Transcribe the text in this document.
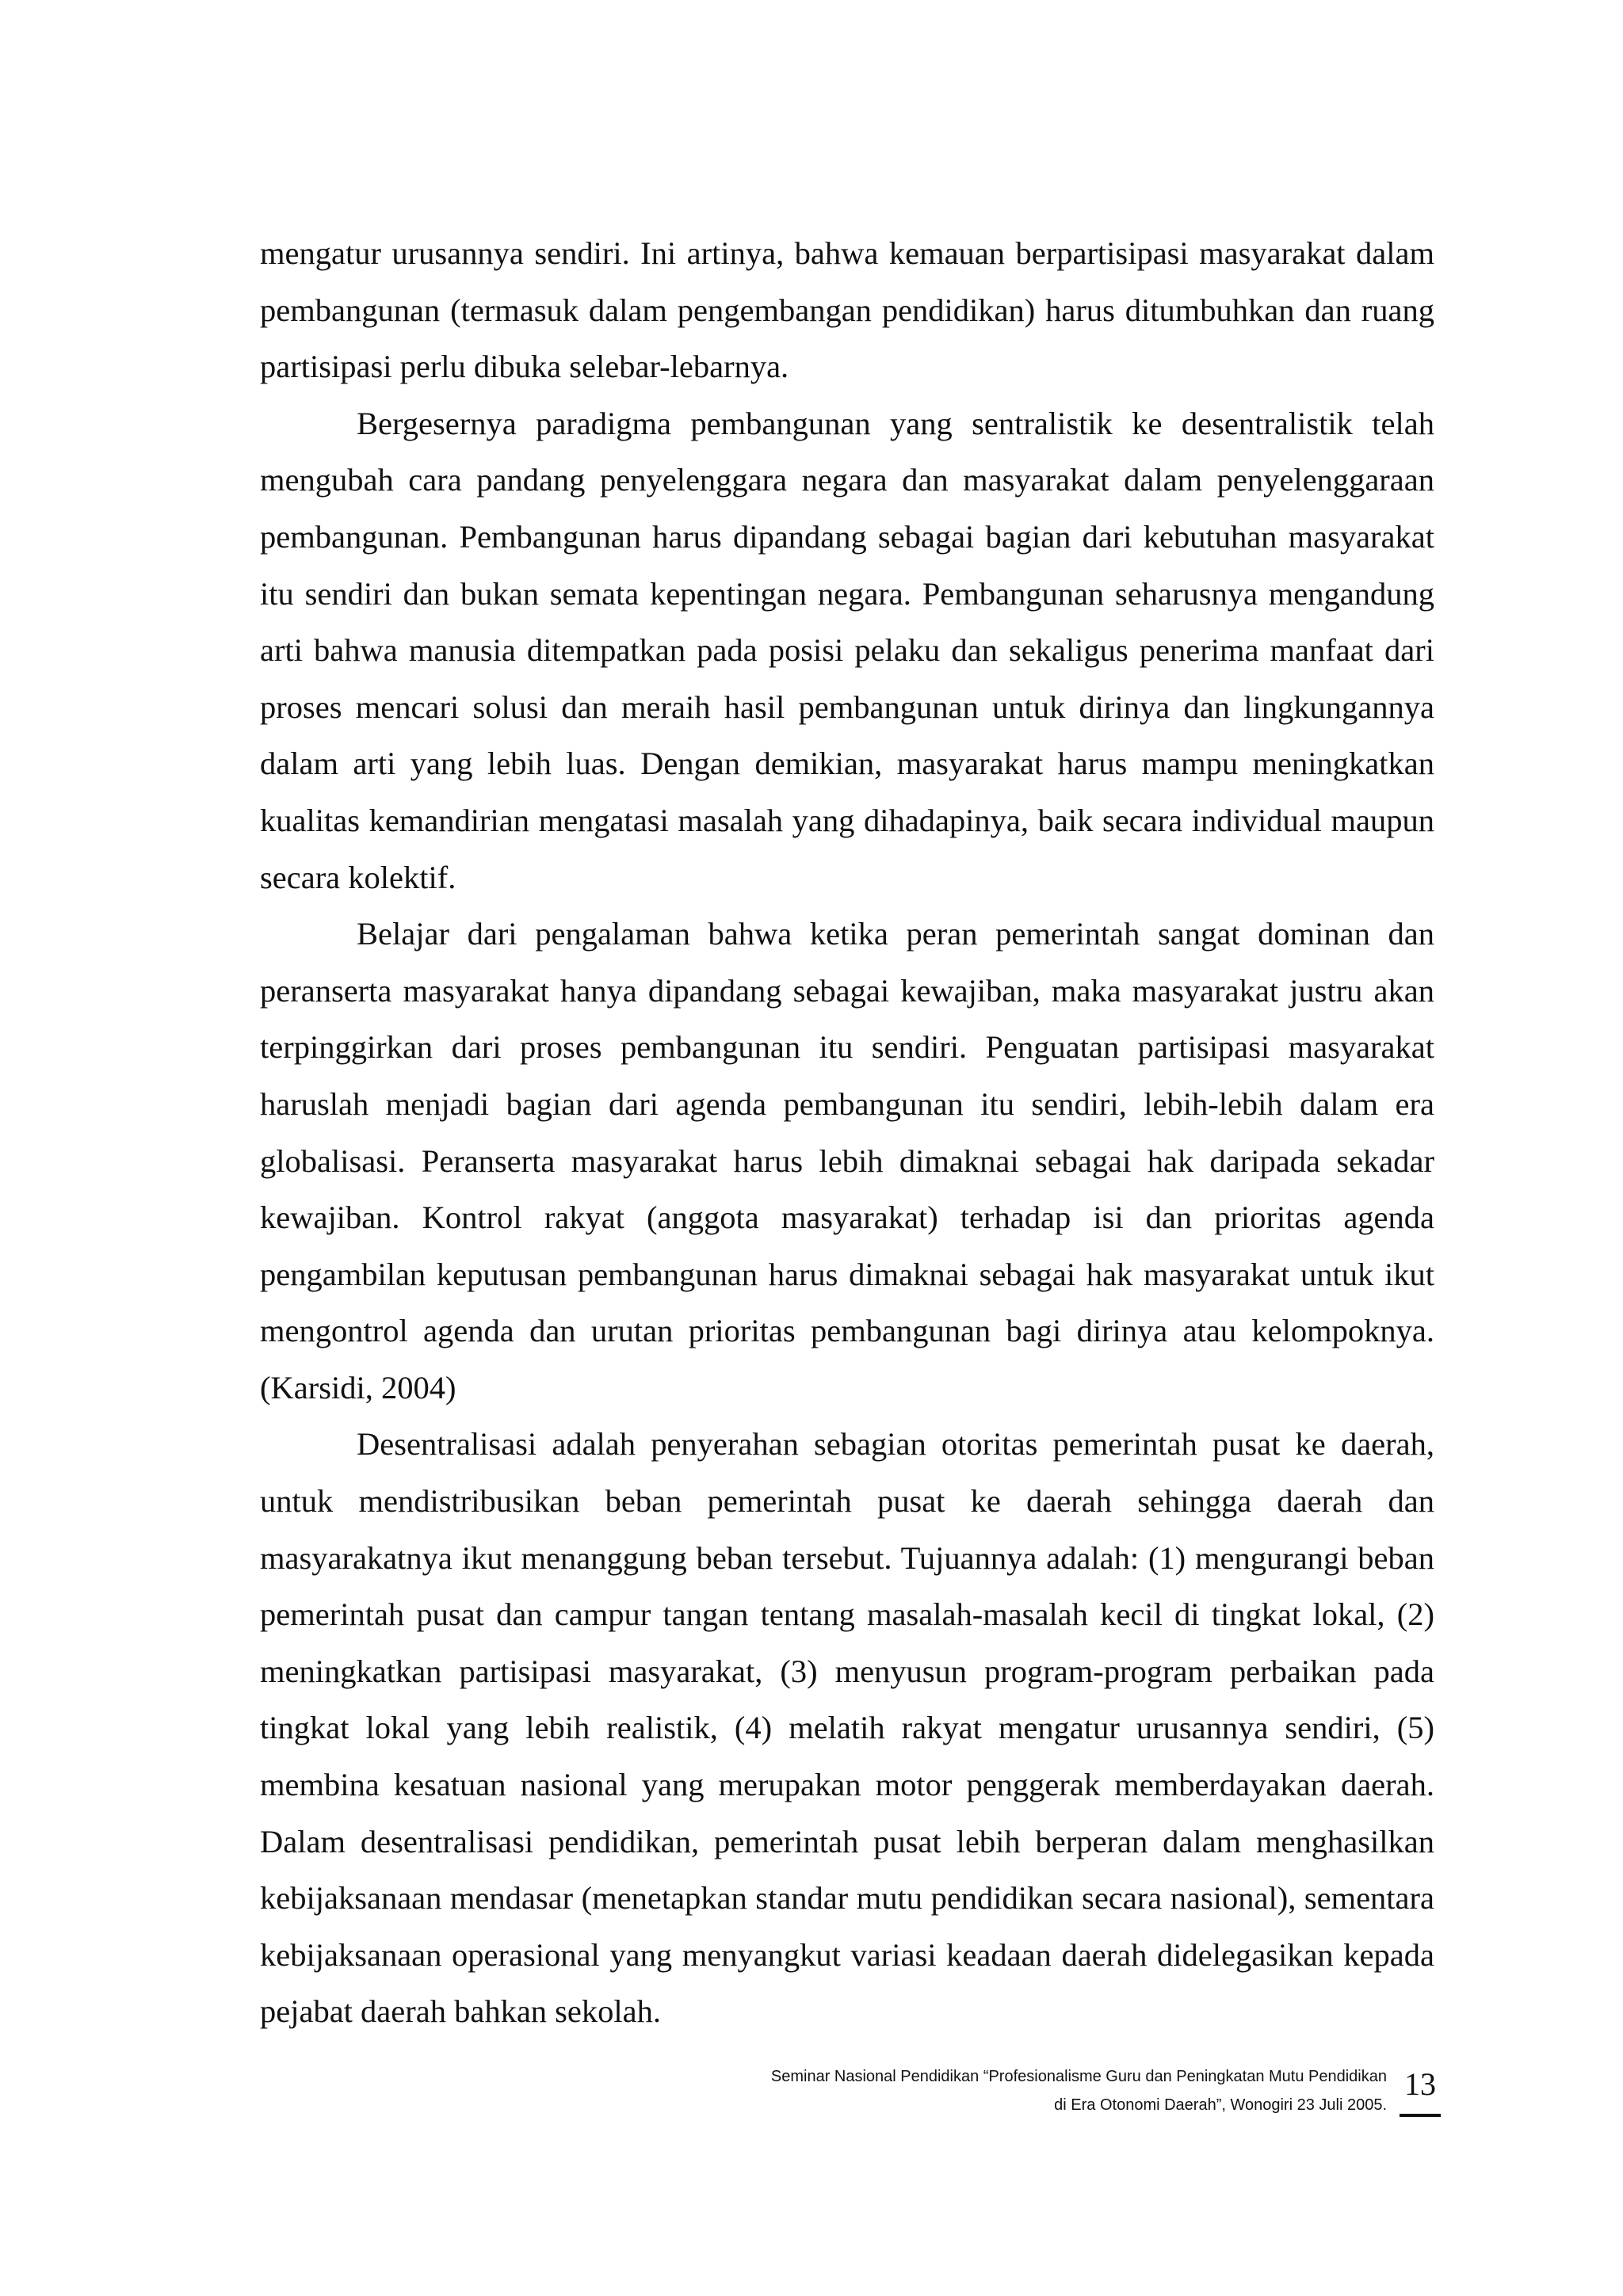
mengatur urusannya sendiri. Ini artinya, bahwa kemauan berpartisipasi masyarakat dalam pembangunan (termasuk dalam pengembangan pendidikan) harus ditumbuhkan dan ruang partisipasi perlu dibuka selebar-lebarnya.

Bergesernya paradigma pembangunan yang sentralistik ke desentralistik telah mengubah cara pandang penyelenggara negara dan masyarakat dalam penyelenggaraan pembangunan. Pembangunan harus dipandang sebagai bagian dari kebutuhan masyarakat itu sendiri dan bukan semata kepentingan negara. Pembangunan seharusnya mengandung arti bahwa manusia ditempatkan pada posisi pelaku dan sekaligus penerima manfaat dari proses mencari solusi dan meraih hasil pembangunan untuk dirinya dan lingkungannya dalam arti yang lebih luas. Dengan demikian, masyarakat harus mampu meningkatkan kualitas kemandirian mengatasi masalah yang dihadapinya, baik secara individual maupun secara kolektif.

Belajar dari pengalaman bahwa ketika peran pemerintah sangat dominan dan peranserta masyarakat hanya dipandang sebagai kewajiban, maka masyarakat justru akan terpinggirkan dari proses pembangunan itu sendiri. Penguatan partisipasi masyarakat haruslah menjadi bagian dari agenda pembangunan itu sendiri, lebih-lebih dalam era globalisasi. Peranserta masyarakat harus lebih dimaknai sebagai hak daripada sekadar kewajiban. Kontrol rakyat (anggota masyarakat) terhadap isi dan prioritas agenda pengambilan keputusan pembangunan harus dimaknai sebagai hak masyarakat untuk ikut mengontrol agenda dan urutan prioritas pembangunan bagi dirinya atau kelompoknya. (Karsidi, 2004)

Desentralisasi adalah penyerahan sebagian otoritas pemerintah pusat ke daerah, untuk mendistribusikan beban pemerintah pusat ke daerah sehingga daerah dan masyarakatnya ikut menanggung beban tersebut. Tujuannya adalah: (1) mengurangi beban pemerintah pusat dan campur tangan tentang masalah-masalah kecil di tingkat lokal, (2) meningkatkan partisipasi masyarakat, (3) menyusun program-program perbaikan pada tingkat lokal yang lebih realistik, (4) melatih rakyat mengatur urusannya sendiri, (5) membina kesatuan nasional yang merupakan motor penggerak memberdayakan daerah. Dalam desentralisasi pendidikan, pemerintah pusat lebih berperan dalam menghasilkan kebijaksanaan mendasar (menetapkan standar mutu pendidikan secara nasional), sementara kebijaksanaan operasional yang menyangkut variasi keadaan daerah didelegasikan kepada pejabat daerah bahkan sekolah.

Seminar Nasional Pendidikan “Profesionalisme Guru dan Peningkatan Mutu Pendidikan
di Era Otonomi Daerah”, Wonogiri 23 Juli 2005.
13
